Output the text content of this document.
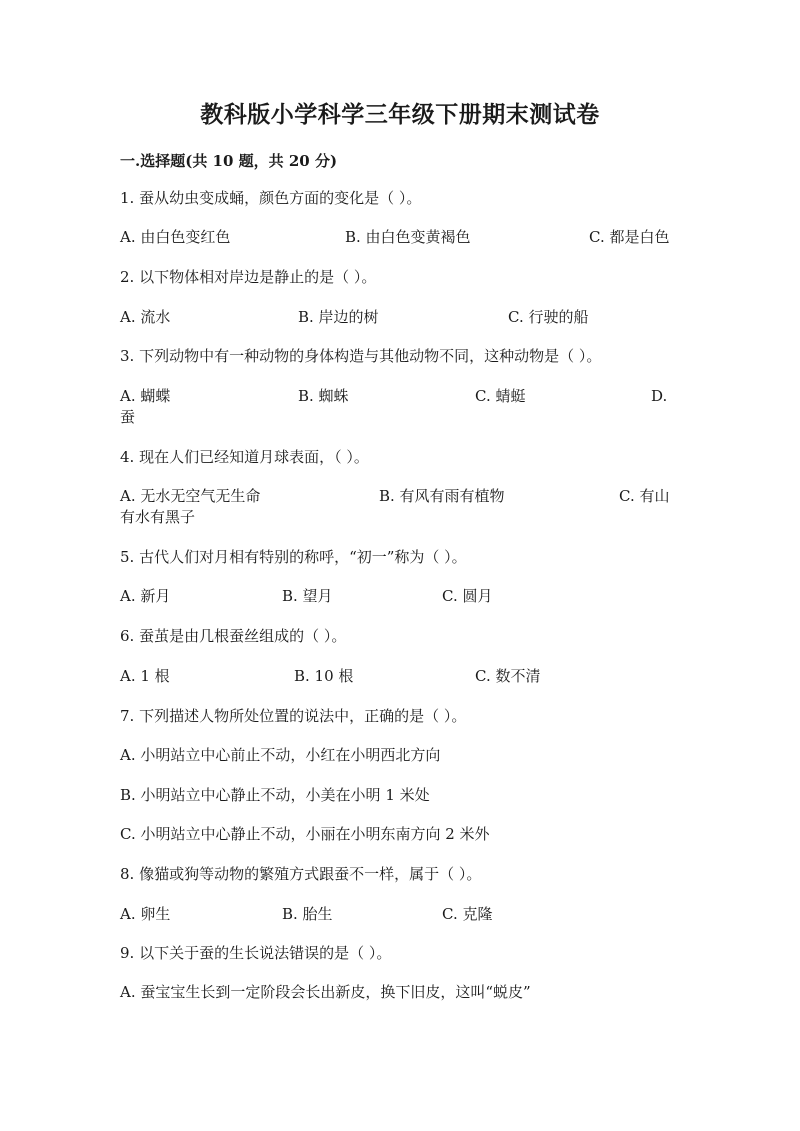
教科版小学科学三年级下册期末测试卷
一.选择题(共 10 题，共 20 分)
1. 蚕从幼虫变成蛹，颜色方面的变化是（ ）。
A. 由白色变红色	B. 由白色变黄褐色	C. 都是白色
2. 以下物体相对岸边是静止的是（ ）。
A. 流水	B. 岸边的树	C. 行驶的船
3. 下列动物中有一种动物的身体构造与其他动物不同，这种动物是（ ）。
A. 蝴蝶	B. 蜘蛛	C. 蜻蜓	D.
蚕
4. 现在人们已经知道月球表面，（ ）。
A. 无水无空气无生命	B. 有风有雨有植物	C. 有山
有水有黑子
5. 古代人们对月相有特别的称呼，“初一”称为（ ）。
A. 新月	B. 望月	C. 圆月
6. 蚕茧是由几根蚕丝组成的（ ）。
A. 1 根	B. 10 根	C. 数不清
7. 下列描述人物所处位置的说法中，正确的是（ ）。
A. 小明站立中心前止不动，小红在小明西北方向
B. 小明站立中心静止不动，小美在小明 1 米处
C. 小明站立中心静止不动，小丽在小明东南方向 2 米外
8. 像猫或狗等动物的繁殖方式跟蚕不一样，属于（ ）。
A. 卵生	B. 胎生	C. 克隆
9. 以下关于蚕的生长说法错误的是（ ）。
A. 蚕宝宝生长到一定阶段会长出新皮，换下旧皮，这叫“蜕皮”
